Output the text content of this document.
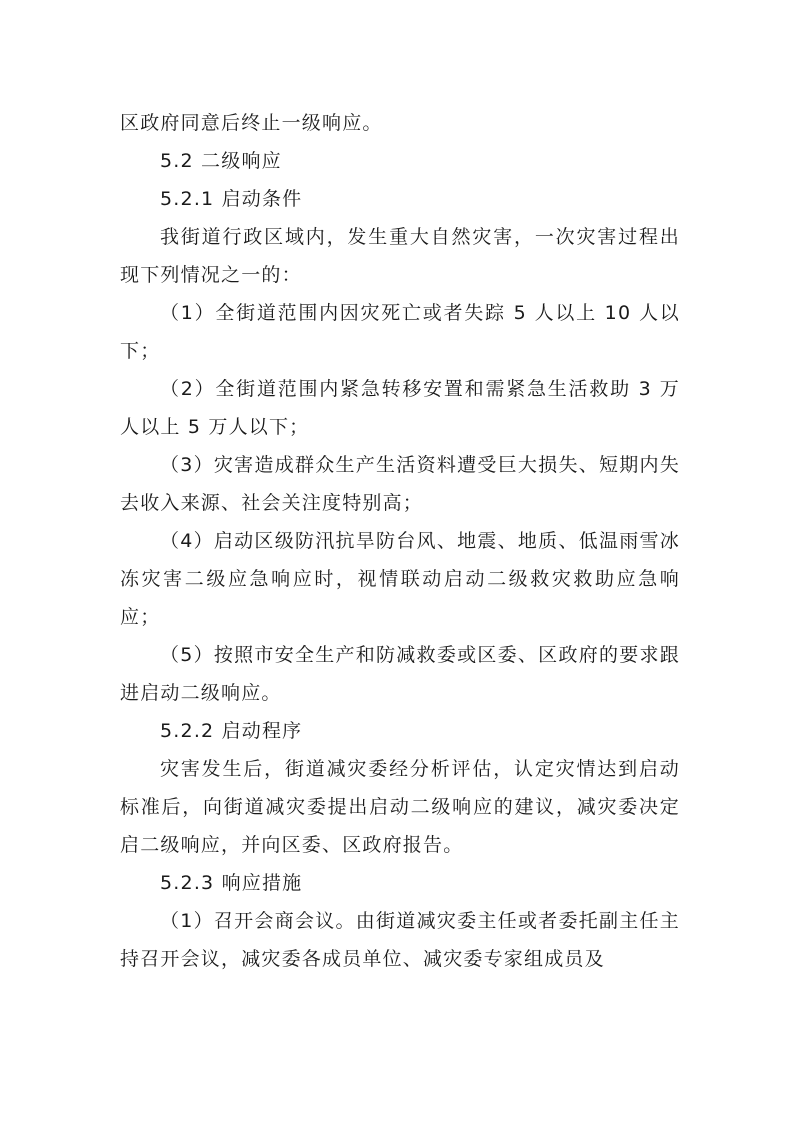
区政府同意后终止一级响应。

5.2 二级响应

5.2.1 启动条件

我街道行政区域内，发生重大自然灾害，一次灾害过程出现下列情况之一的：

（1）全街道范围内因灾死亡或者失踪 5 人以上 10 人以下；

（2）全街道范围内紧急转移安置和需紧急生活救助 3 万人以上 5 万人以下；

（3）灾害造成群众生产生活资料遭受巨大损失、短期内失去收入来源、社会关注度特别高；

（4）启动区级防汛抗旱防台风、地震、地质、低温雨雪冰冻灾害二级应急响应时，视情联动启动二级救灾救助应急响应；

（5）按照市安全生产和防减救委或区委、区政府的要求跟进启动二级响应。

5.2.2 启动程序

灾害发生后，街道减灾委经分析评估，认定灾情达到启动标准后，向街道减灾委提出启动二级响应的建议，减灾委决定启二级响应，并向区委、区政府报告。

5.2.3 响应措施

（1）召开会商会议。由街道减灾委主任或者委托副主任主持召开会议，减灾委各成员单位、减灾委专家组成员及
